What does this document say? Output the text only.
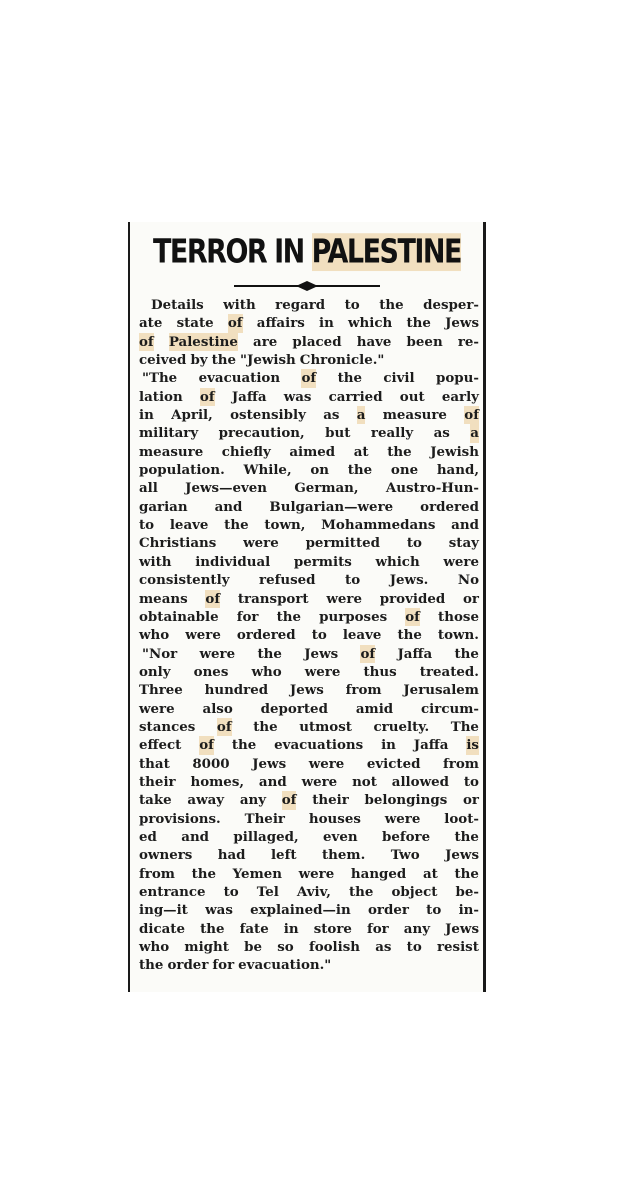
TERROR IN PALESTINE
Details with regard to the desper-
ate state of affairs in which the Jews
of Palestine are placed have been re-
ceived by the "Jewish Chronicle."
"The evacuation of the civil popu-
lation of Jaffa was carried out early
in April, ostensibly as a measure of
military precaution, but really as a
measure chiefly aimed at the Jewish
population. While, on the one hand,
all Jews—even German, Austro-Hun-
garian and Bulgarian—were ordered
to leave the town, Mohammedans and
Christians were permitted to stay
with individual permits which were
consistently refused to Jews. No
means of transport were provided or
obtainable for the purposes of those
who were ordered to leave the town.
"Nor were the Jews of Jaffa the
only ones who were thus treated.
Three hundred Jews from Jerusalem
were also deported amid circum-
stances of the utmost cruelty. The
effect of the evacuations in Jaffa is
that 8000 Jews were evicted from
their homes, and were not allowed to
take away any of their belongings or
provisions. Their houses were loot-
ed and pillaged, even before the
owners had left them. Two Jews
from the Yemen were hanged at the
entrance to Tel Aviv, the object be-
ing—it was explained—in order to in-
dicate the fate in store for any Jews
who might be so foolish as to resist
the order for evacuation."
